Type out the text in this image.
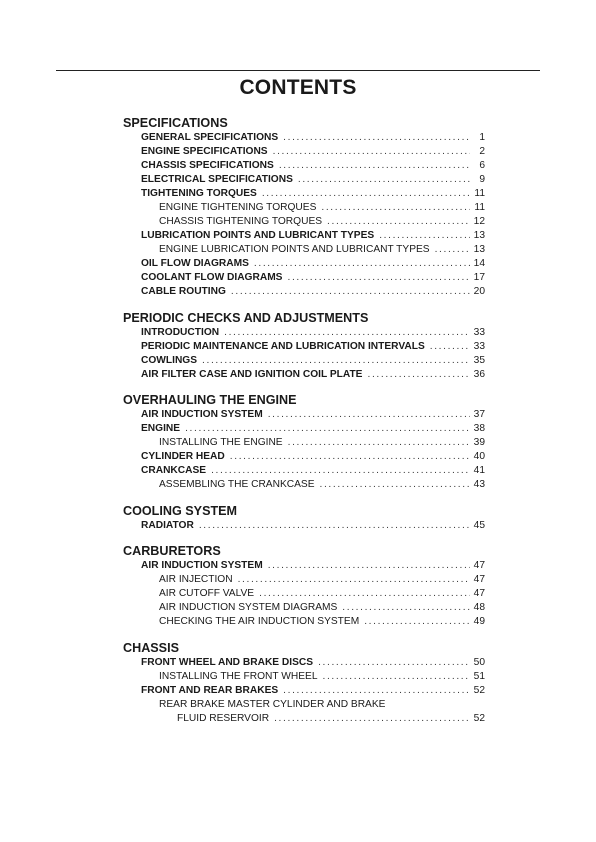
CONTENTS
SPECIFICATIONS
GENERAL SPECIFICATIONS . . .	1
ENGINE SPECIFICATIONS . . .	2
CHASSIS SPECIFICATIONS . . .	6
ELECTRICAL SPECIFICATIONS . . .	9
TIGHTENING TORQUES . . .	11
ENGINE TIGHTENING TORQUES . . .	11
CHASSIS TIGHTENING TORQUES . . .	12
LUBRICATION POINTS AND LUBRICANT TYPES . . .	13
ENGINE LUBRICATION POINTS AND LUBRICANT TYPES . . .	13
OIL FLOW DIAGRAMS . . .	14
COOLANT FLOW DIAGRAMS . . .	17
CABLE ROUTING . . .	20
PERIODIC CHECKS AND ADJUSTMENTS
INTRODUCTION . . .	33
PERIODIC MAINTENANCE AND LUBRICATION INTERVALS . . .	33
COWLINGS . . .	35
AIR FILTER CASE AND IGNITION COIL PLATE . . .	36
OVERHAULING THE ENGINE
AIR INDUCTION SYSTEM . . .	37
ENGINE . . .	38
INSTALLING THE ENGINE . . .	39
CYLINDER HEAD . . .	40
CRANKCASE . . .	41
ASSEMBLING THE CRANKCASE . . .	43
COOLING SYSTEM
RADIATOR . . .	45
CARBURETORS
AIR INDUCTION SYSTEM . . .	47
AIR INJECTION . . .	47
AIR CUTOFF VALVE . . .	47
AIR INDUCTION SYSTEM DIAGRAMS . . .	48
CHECKING THE AIR INDUCTION SYSTEM . . .	49
CHASSIS
FRONT WHEEL AND BRAKE DISCS . . .	50
INSTALLING THE FRONT WHEEL . . .	51
FRONT AND REAR BRAKES . . .	52
REAR BRAKE MASTER CYLINDER AND BRAKE
FLUID RESERVOIR . . .	52
